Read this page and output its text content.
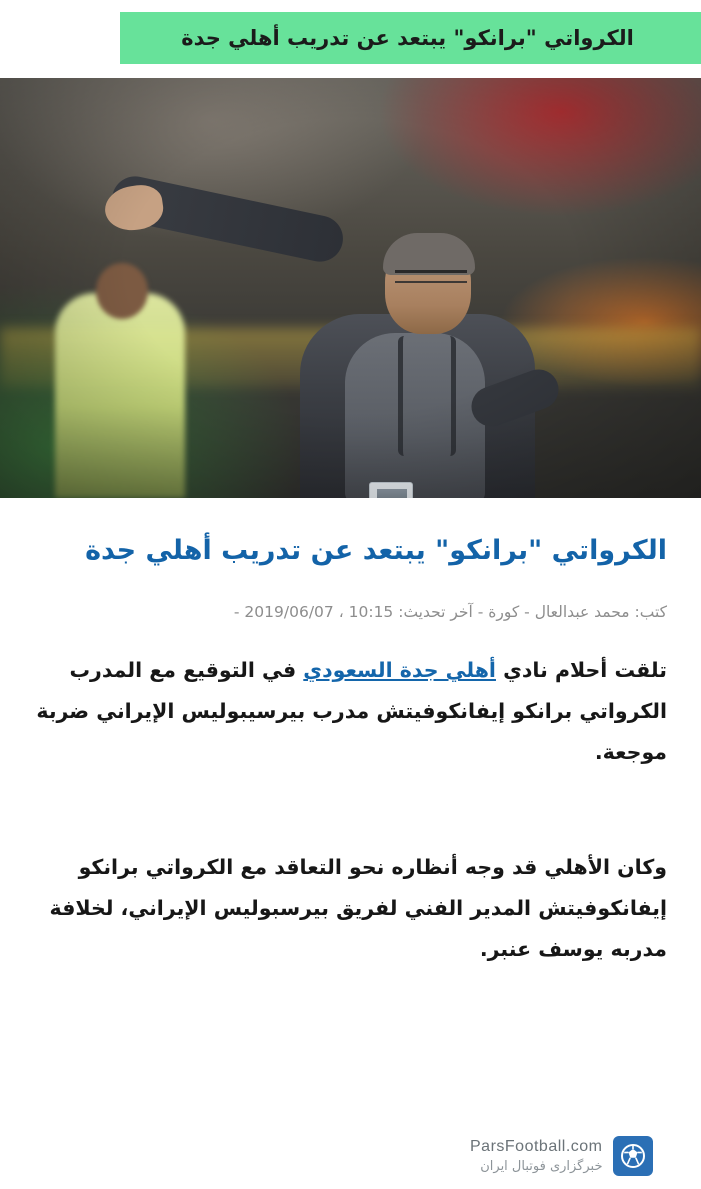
الكرواتي "برانكو" يبتعد عن تدريب أهلي جدة
الكرواتي "برانكو" يبتعد عن تدريب أهلي جدة
كتب: محمد عبدالعال - كورة - آخر تحديث: 10:15 ، 2019/06/07 -

تلقت أحلام نادي أهلي جدة السعودي في التوقيع مع المدرب الكرواتي برانكو إيفانكوفيتش مدرب بيرسيبوليس الإيراني ضربة موجعة.

وكان الأهلي قد وجه أنظاره نحو التعاقد مع الكرواتي برانكو إيفانكوفيتش المدير الفني لفريق بيرسبوليس الإيراني، لخلافة مدربه يوسف عنبر.

ParsFootball.com
خبرگزاری فوتبال ایران
